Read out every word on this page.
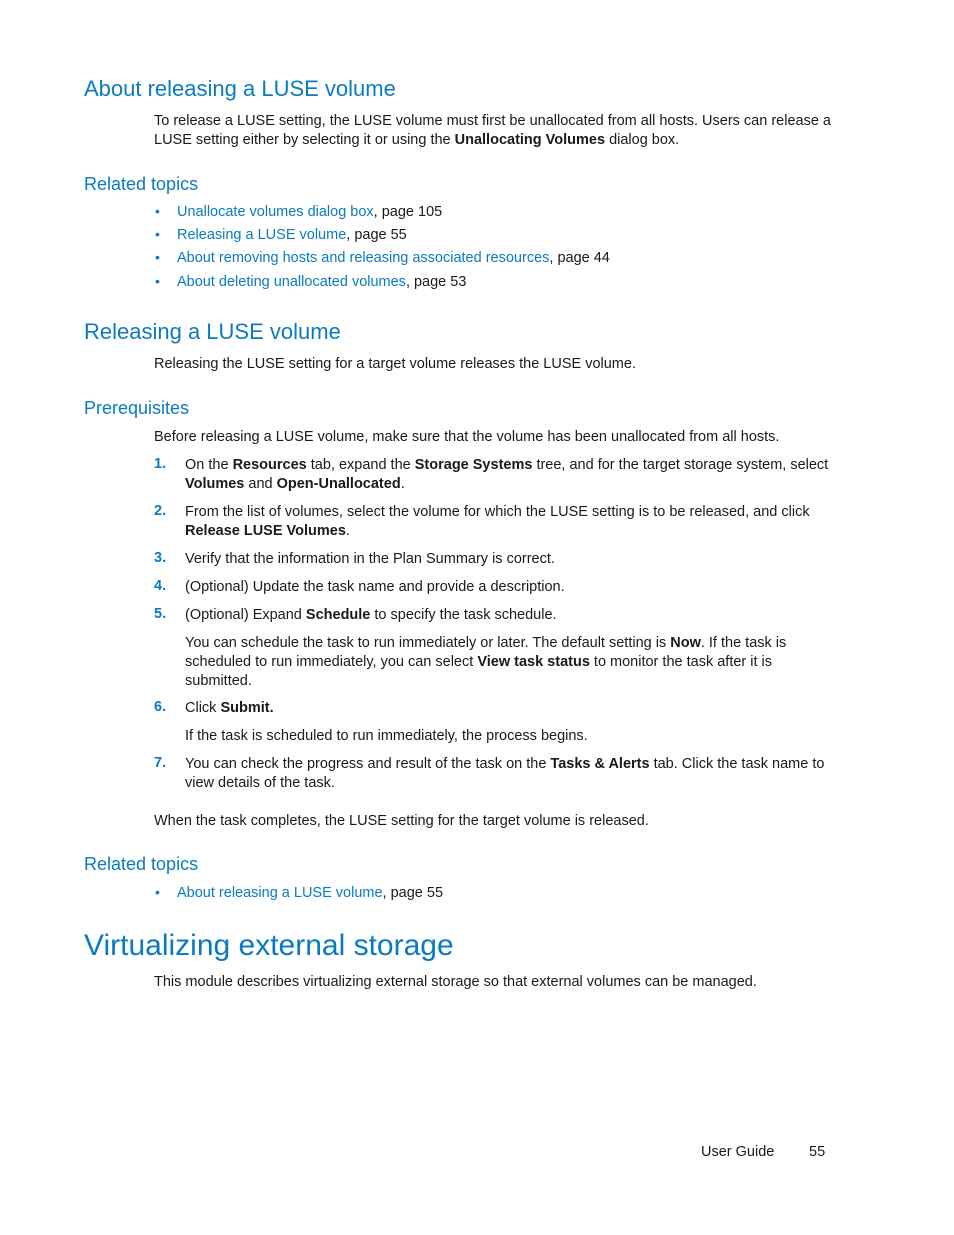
About releasing a LUSE volume
To release a LUSE setting, the LUSE volume must first be unallocated from all hosts. Users can release a LUSE setting either by selecting it or using the Unallocating Volumes dialog box.
Related topics
• Unallocate volumes dialog box, page 105
• Releasing a LUSE volume, page 55
• About removing hosts and releasing associated resources, page 44
• About deleting unallocated volumes, page 53
Releasing a LUSE volume
Releasing the LUSE setting for a target volume releases the LUSE volume.
Prerequisites
Before releasing a LUSE volume, make sure that the volume has been unallocated from all hosts.
1. On the Resources tab, expand the Storage Systems tree, and for the target storage system, select Volumes and Open-Unallocated.
2. From the list of volumes, select the volume for which the LUSE setting is to be released, and click Release LUSE Volumes.
3. Verify that the information in the Plan Summary is correct.
4. (Optional) Update the task name and provide a description.
5. (Optional) Expand Schedule to specify the task schedule.
You can schedule the task to run immediately or later. The default setting is Now. If the task is scheduled to run immediately, you can select View task status to monitor the task after it is submitted.
6. Click Submit.
If the task is scheduled to run immediately, the process begins.
7. You can check the progress and result of the task on the Tasks & Alerts tab. Click the task name to view details of the task.
When the task completes, the LUSE setting for the target volume is released.
Related topics
• About releasing a LUSE volume, page 55
Virtualizing external storage
This module describes virtualizing external storage so that external volumes can be managed.
User Guide 55
